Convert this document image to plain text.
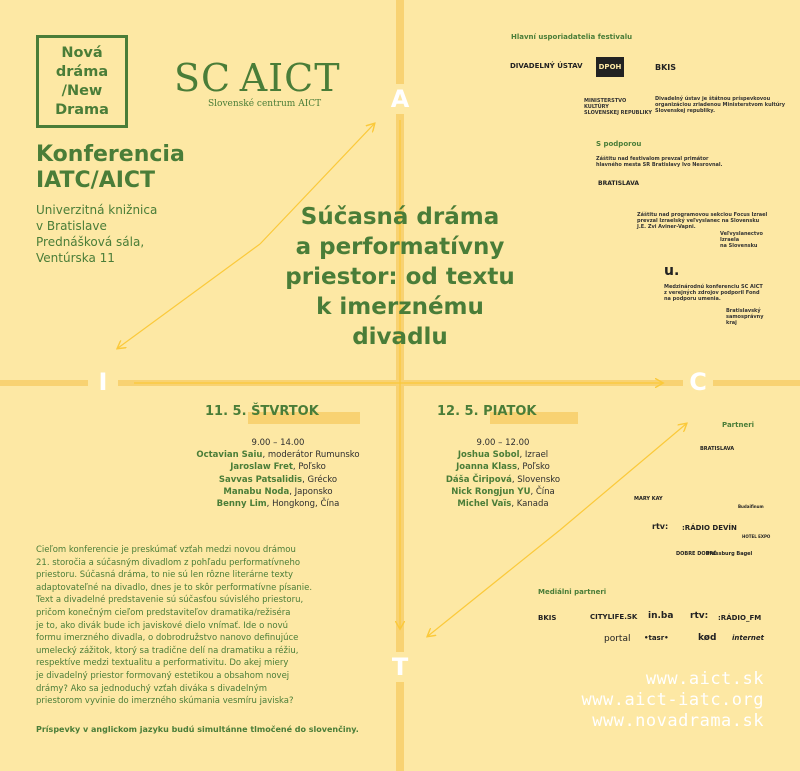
Nová
dráma
/New
Drama
SC AICT
Slovenské centrum AICT
Konferencia
IATC/AICT
Univerzitná knižnica
v Bratislave
Prednášková sála,
Ventúrska 11
Súčasná dráma
a performatívny
priestor: od textu
k imerznému
divadlu
A
I	C
T
Hlavní usporiadatelia festivalu
DIVADELNÝ ÚSTAV	DPOH	BKIS
MINISTERSTVO
KULTÚRY
SLOVENSKEJ REPUBLIKY
Divadelný ústav je štátnou príspevkovou
organizáciou zriadenou Ministerstvom kultúry
Slovenskej republiky.
S podporou
Záštitu nad festivalom prevzal primátor
hlavného mesta SR Bratislavy Ivo Nesrovnal.
BRATISLAVA
Záštitu nad programovou sekciou Focus Izrael
prevzal Izraelský veľvyslanec na Slovensku
J.E. Zvi Aviner-Vapni.
Veľvyslanectvo
Izraela
na Slovensku
u.
Medzinárodnú konferenciu SC AICT
z verejných zdrojov podporil Fond
na podporu umenia.
Bratislavský
samosprávny
kraj
11. 5. ŠTVRTOK
9.00 – 14.00
Octavian Saiu, moderátor Rumunsko
Jaroslaw Fret, Poľsko
Savvas Patsalidis, Grécko
Manabu Noda, Japonsko
Benny Lim, Hongkong, Čína
12. 5. PIATOK
9.00 – 12.00
Joshua Sobol, Izrael
Joanna Klass, Poľsko
Dáša Čiripová, Slovensko
Nick Rongjun YU, Čína
Michel Vaïs, Kanada
Cieľom konferencie je preskúmať vzťah medzi novou drámou
21. storočia a súčasným divadlom z pohľadu performatívneho
priestoru. Súčasná dráma, to nie sú len rôzne literárne texty
adaptovateľné na divadlo, dnes je to skôr performatívne písanie.
Text a divadelné predstavenie sú súčasťou súvislého priestoru,
pričom konečným cieľom predstaviteľov dramatika/režiséra
je to, ako divák bude ich javiskové dielo vnímať. Ide o novú
formu imerzného divadla, o dobrodružstvo nanovo definujúce
umelecký zážitok, ktorý sa tradične delí na dramatiku a réžiu,
respektíve medzi textualitu a performativitu. Do akej miery
je divadelný priestor formovaný estetikou a obsahom novej
drámy? Ako sa jednoduchý vzťah diváka s divadelným
priestorom vyvinie do imerzného skúmania vesmíru javiska?
Príspevky v anglickom jazyku budú simultánne tlmočené do slovenčiny.
Partneri
BRATISLAVA
MARY KAY
rtv: :RÁDIO DEVÍN
HOTEL EXPO
DOBRE DOBRÉ
Pressburg Bagel
Budaifinum
Mediálni partneri
BKIS	CITYLIFE.SK in.ba rtv: :RÁDIO_FM
portal •tasr•	kød internet
www.aict.sk
www.aict-iatc.org
www.novadrama.sk
